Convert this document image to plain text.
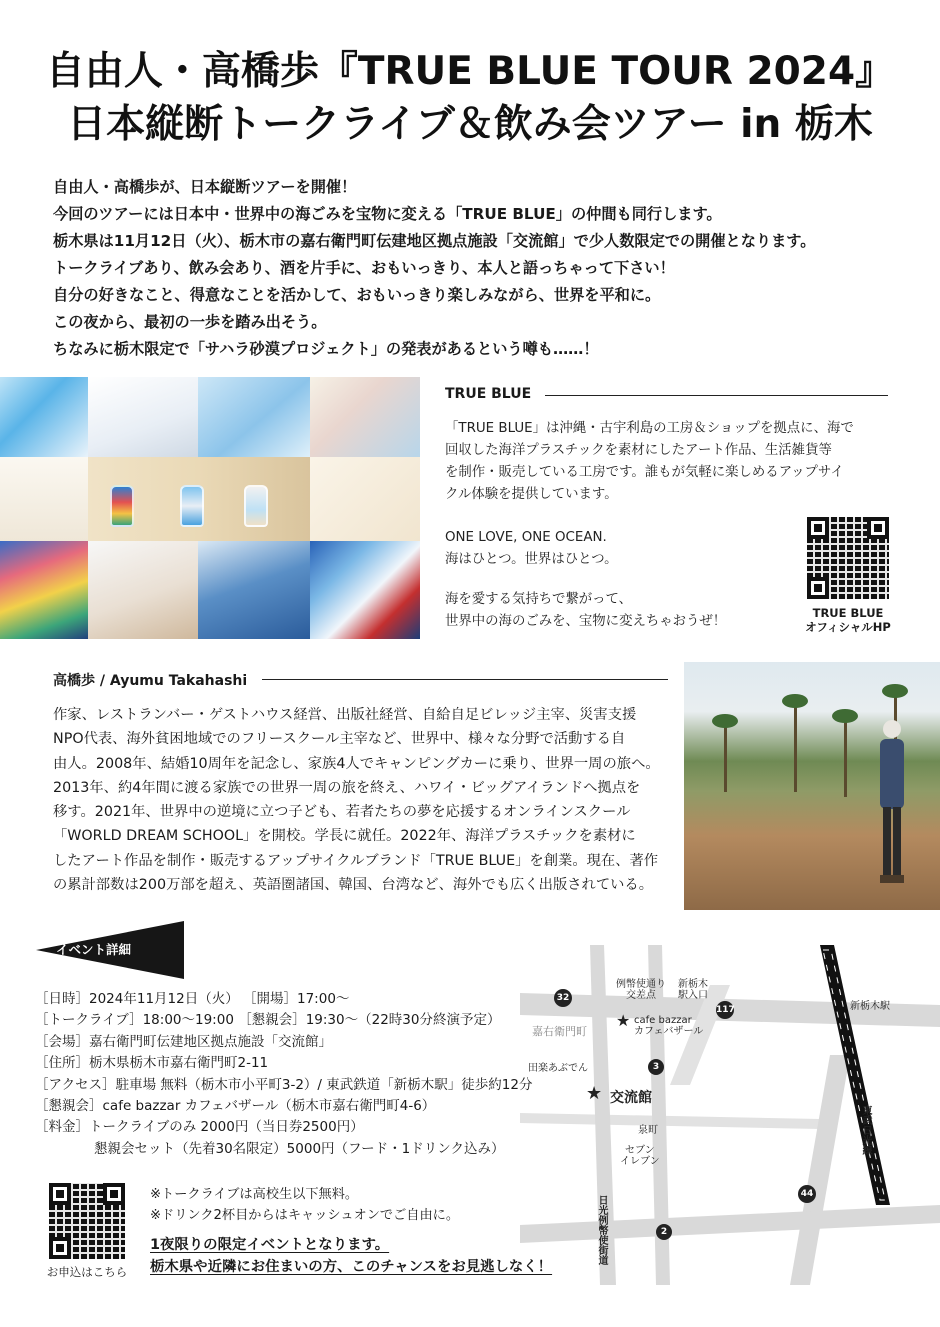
自由人・高橋歩『TRUE BLUE TOUR 2024』
日本縦断トークライブ＆飲み会ツアー in 栃木
自由人・高橋歩が、日本縦断ツアーを開催！
今回のツアーには日本中・世界中の海ごみを宝物に変える「TRUE BLUE」の仲間も同行します。
栃木県は11月12日（火）、栃木市の嘉右衛門町伝建地区拠点施設「交流館」で少人数限定での開催となります。
トークライブあり、飲み会あり、酒を片手に、おもいっきり、本人と語っちゃって下さい！
自分の好きなこと、得意なことを活かして、おもいっきり楽しみながら、世界を平和に。
この夜から、最初の一歩を踏み出そう。
ちなみに栃木限定で「サハラ砂漠プロジェクト」の発表があるという噂も……！
TRUE BLUE
「TRUE BLUE」は沖縄・古宇利島の工房＆ショップを拠点に、海で
回収した海洋プラスチックを素材にしたアート作品、生活雑貨等
を制作・販売している工房です。誰もが気軽に楽しめるアップサイ
クル体験を提供しています。
ONE LOVE, ONE OCEAN.
海はひとつ。世界はひとつ。
海を愛する気持ちで繋がって、
世界中の海のごみを、宝物に変えちゃおうぜ！
TRUE BLUE
オフィシャルHP
高橋歩 / Ayumu Takahashi
作家、レストランバー・ゲストハウス経営、出版社経営、自給自足ビレッジ主宰、災害支援
NPO代表、海外貧困地域でのフリースクール主宰など、世界中、様々な分野で活動する自
由人。2008年、結婚10周年を記念し、家族4人でキャンピングカーに乗り、世界一周の旅へ。
2013年、約4年間に渡る家族での世界一周の旅を終え、ハワイ・ビッグアイランドへ拠点を
移す。2021年、世界中の逆境に立つ子ども、若者たちの夢を応援するオンラインスクール
「WORLD DREAM SCHOOL」を開校。学長に就任。2022年、海洋プラスチックを素材に
したアート作品を制作・販売するアップサイクルブランド「TRUE BLUE」を創業。現在、著作
の累計部数は200万部を超え、英語圏諸国、韓国、台湾など、海外でも広く出版されている。
イベント詳細
［日時］2024年11月12日（火） ［開場］17:00〜
［トークライブ］18:00〜19:00 ［懇親会］19:30〜（22時30分終演予定）
［会場］嘉右衛門町伝建地区拠点施設「交流館」
［住所］栃木県栃木市嘉右衛門町2-11
［アクセス］駐車場 無料（栃木市小平町3-2）/ 東武鉄道「新栃木駅」徒歩約12分
［懇親会］cafe bazzar カフェバザール（栃木市嘉右衛門町4-6）
［料金］トークライブのみ 2000円（当日券2500円）
懇親会セット（先着30名限定）5000円（フード・1ドリンク込み）
お申込はこちら
※トークライブは高校生以下無料。
※ドリンク2杯目からはキャッシュオンでご自由に。
1夜限りの限定イベントとなります。
栃木県や近隣にお住まいの方、このチャンスをお見逃しなく！
例幣使通り
交差点
新栃木
駅入口
新栃木駅
嘉右衛門町
★ cafe bazzar
カフェバザール
田楽あぶでん
★ 交流館
泉町
セブン
イレブン
東武日光線
日光例幣使街道
32
117
3
44
2
